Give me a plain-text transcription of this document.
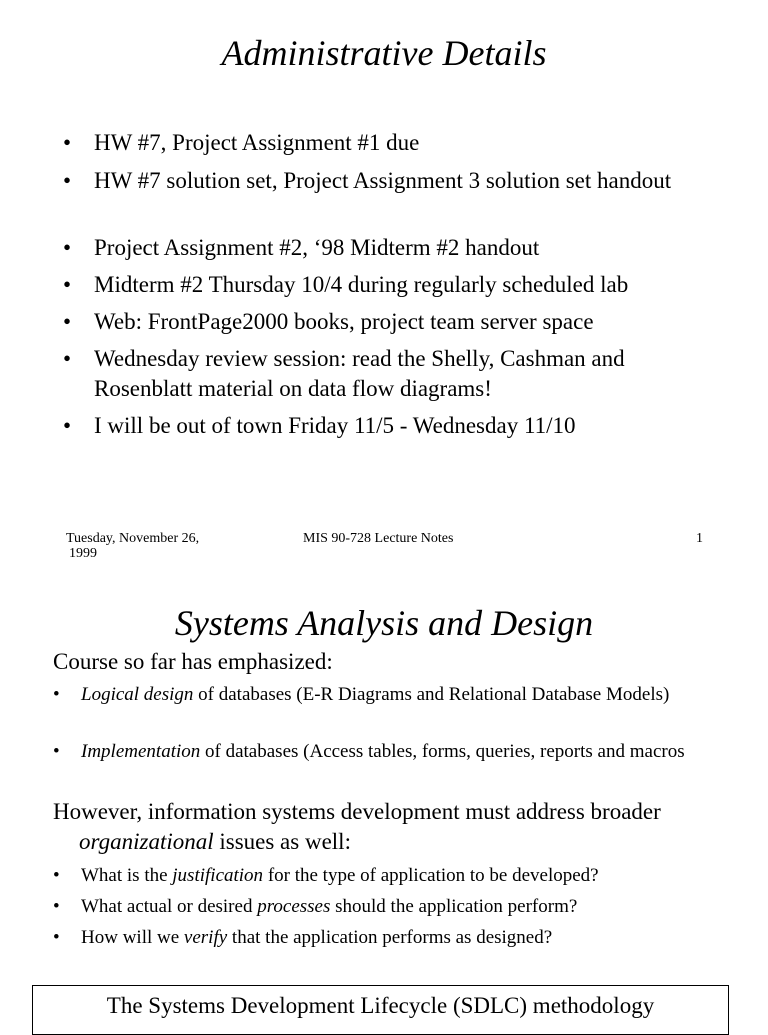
Administrative Details
• HW #7, Project Assignment #1 due
• HW #7 solution set, Project Assignment 3 solution set handout
• Project Assignment #2, ‘98 Midterm #2 handout
• Midterm #2 Thursday 10/4 during regularly scheduled lab
• Web: FrontPage2000 books, project team server space
• Wednesday review session: read the Shelly, Cashman and Rosenblatt material on data flow diagrams!
• I will be out of town Friday 11/5 - Wednesday 11/10
Tuesday, November 26,
1999
MIS 90-728 Lecture Notes	1
Systems Analysis and Design
Course so far has emphasized:
• Logical design of databases (E-R Diagrams and Relational Database Models)
• Implementation of databases (Access tables, forms, queries, reports and macros
However, information systems development must address broader
organizational issues as well:
• What is the justification for the type of application to be developed?
• What actual or desired processes should the application perform?
• How will we verify that the application performs as designed?
The Systems Development Lifecycle (SDLC) methodology
